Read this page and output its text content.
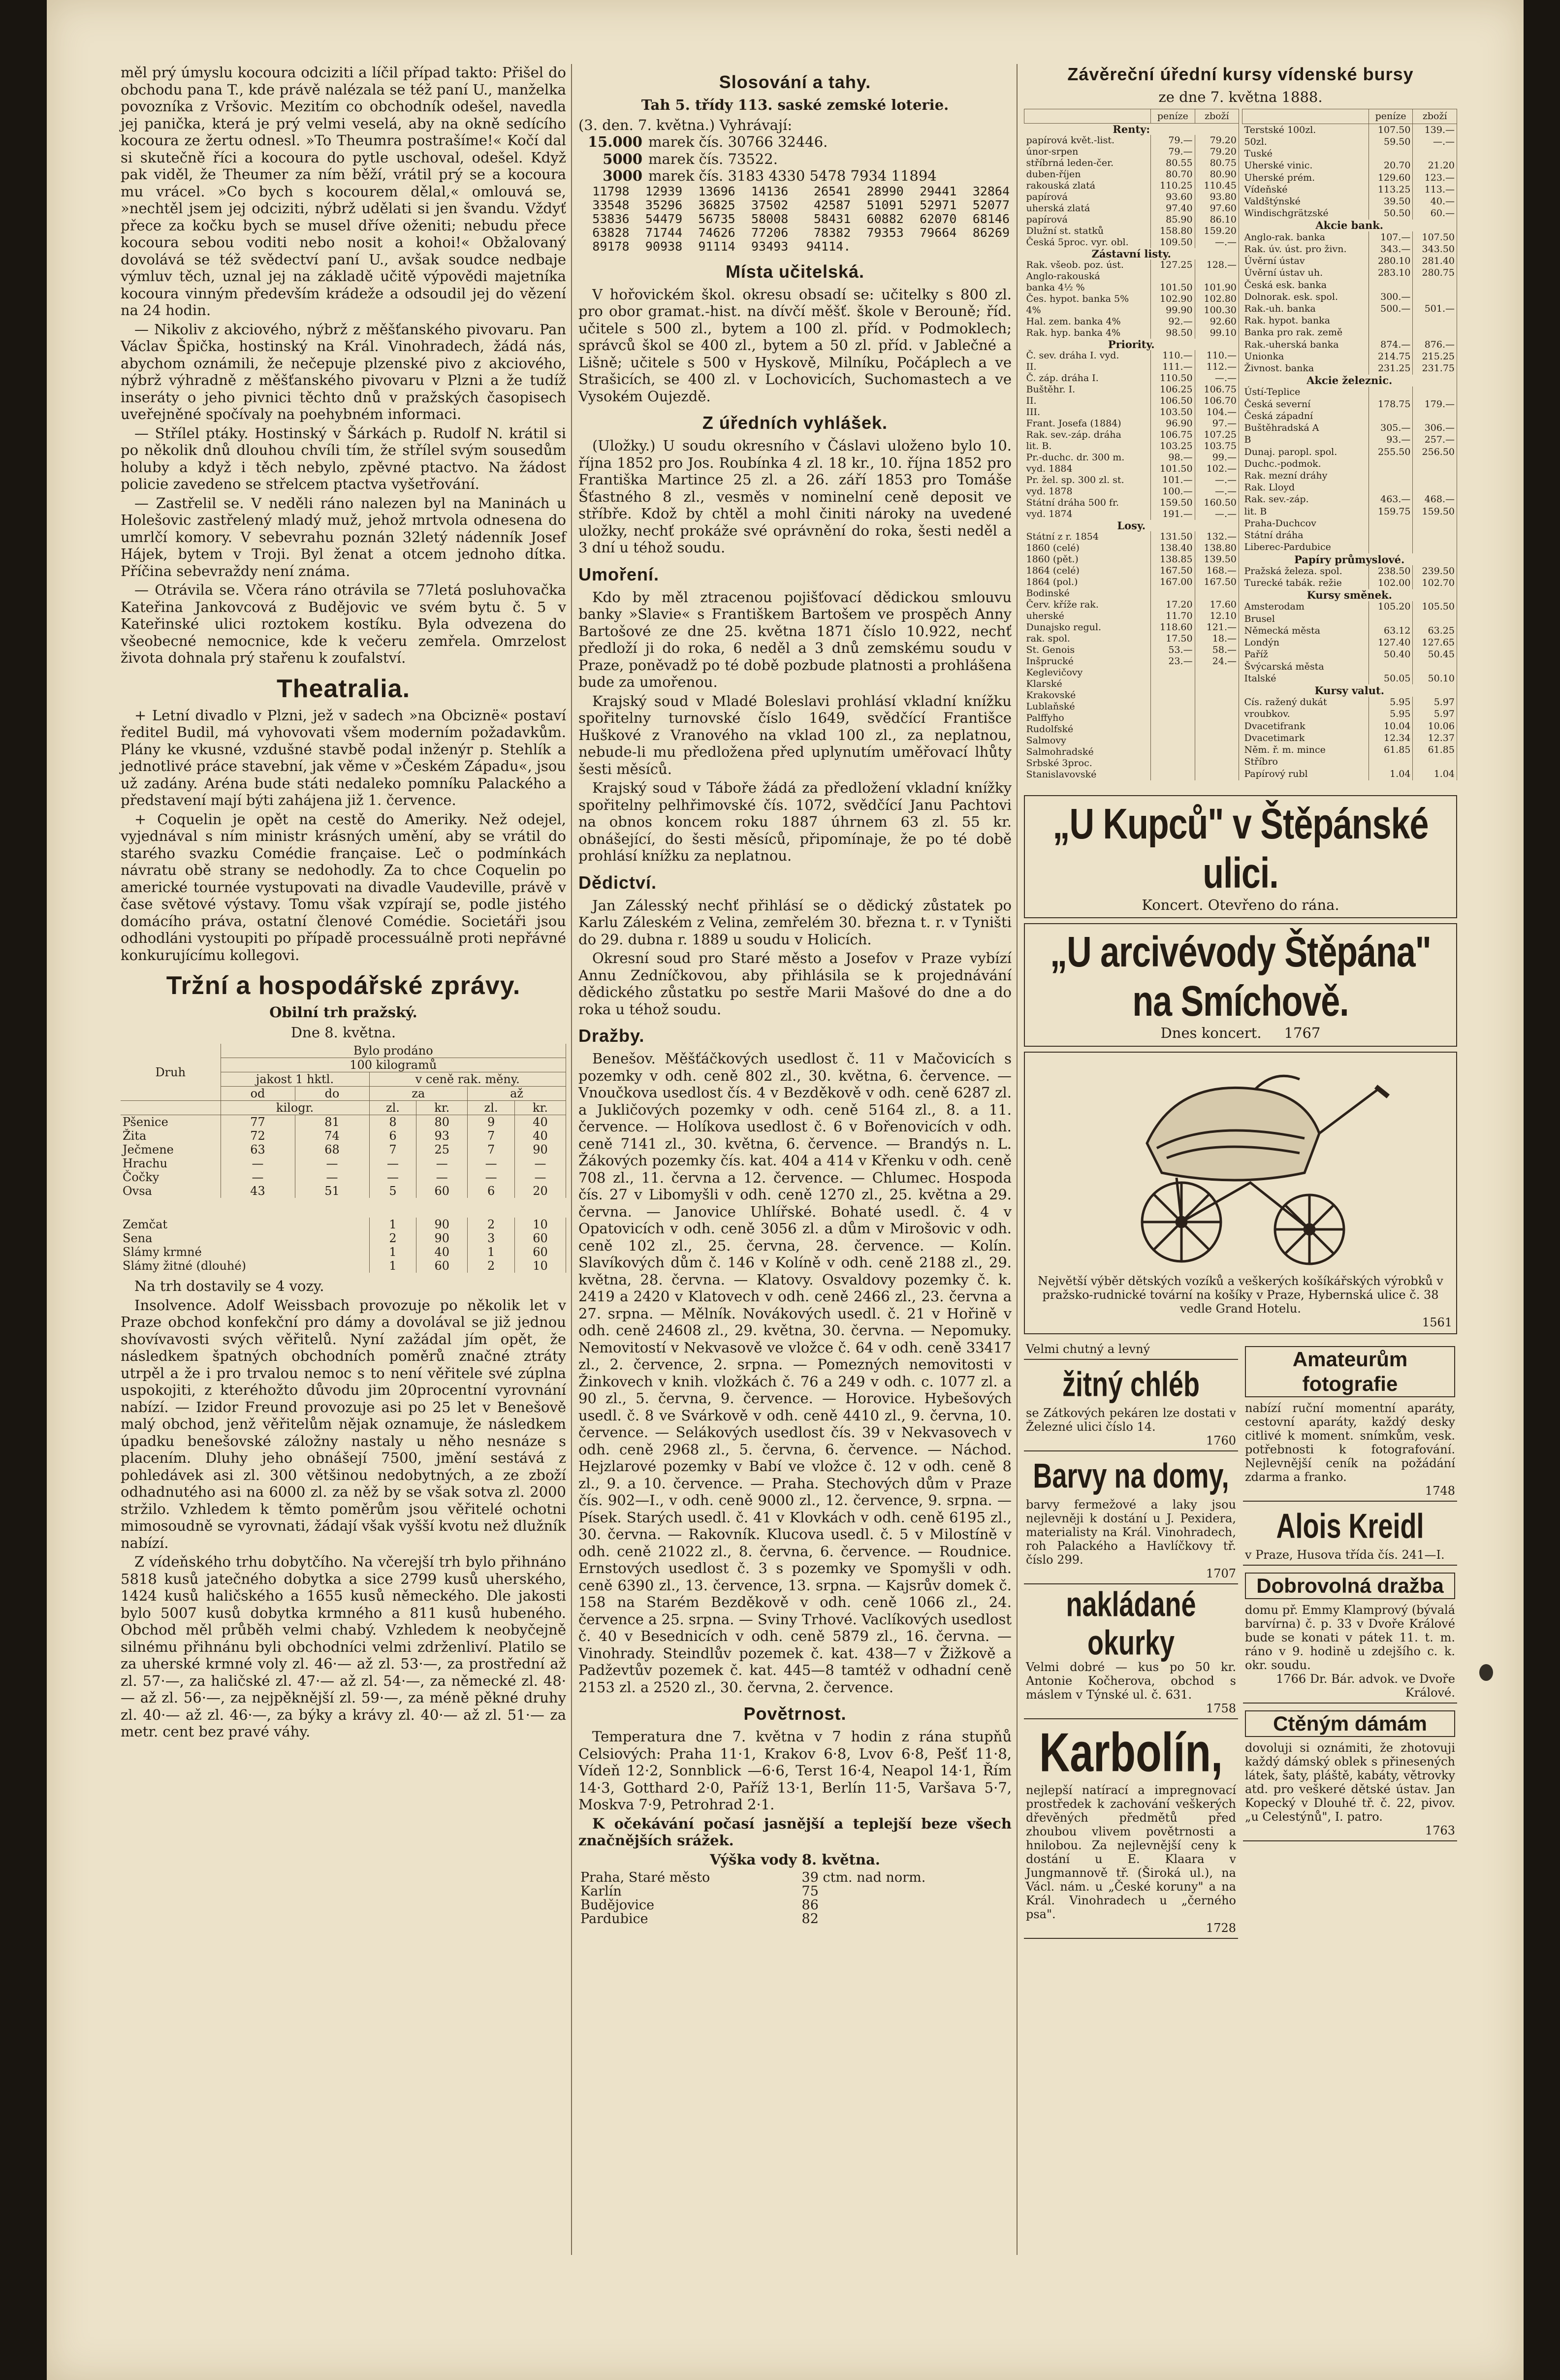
měl prý úmyslu kocoura odciziti a líčil případ takto: Přišel do obchodu pana T., kde právě nalézala se též paní U., manželka povozníka z Vršovic. Mezitím co obchodník odešel, navedla jej panička, která je prý velmi veselá, aby na okně sedícího kocoura ze žertu odnesl. »To Theumra postrašíme!« Kočí dal si skutečně říci a kocoura do pytle uschoval, odešel. Když pak viděl, že Theumer za ním běží, vrátil prý se a kocoura mu vrácel. »Co bych s kocourem dělal,« omlouvá se, »nechtěl jsem jej odciziti, nýbrž udělati si jen švandu. Vždyť přece za kočku bych se musel dříve oženiti; nebudu přece kocoura sebou voditi nebo nosit a kohoi!« Obžalovaný dovolává se též svědectví paní U., avšak soudce nedbaje výmluv těch, uznal jej na základě učitě výpovědi majetníka kocoura vinným především krádeže a odsoudil jej do vězení na 24 hodin.

— Nikoliv z akciového, nýbrž z měšťanského pivovaru. Pan Václav Špička, hostinský na Král. Vinohradech, žádá nás, abychom oznámili, že nečepuje plzenské pivo z akciového, nýbrž výhradně z měšťanského pivovaru v Plzni a že tudíž inseráty o jeho pivnici těchto dnů v pražských časopisech uveřejněné spočívaly na poehybném informaci.

— Střílel ptáky. Hostinský v Šárkách p. Rudolf N. krátil si po několik dnů dlouhou chvíli tím, že střílel svým sousedům holuby a když i těch nebylo, zpěvné ptactvo. Na žádost policie zavedeno se střelcem ptactva vyšetřování.

— Zastřelil se. V neděli ráno nalezen byl na Maninách u Holešovic zastřelený mladý muž, jehož mrtvola odnesena do umrlčí komory. V sebevrahu poznán 32letý nádenník Josef Hájek, bytem v Troji. Byl ženat a otcem jednoho dítka. Příčina sebevraždy není známa.

— Otrávila se. Včera ráno otrávila se 77letá posluhovačka Kateřina Jankovcová z Budějovic ve svém bytu č. 5 v Kateřinské ulici roztokem kostíku. Byla odvezena do všeobecné nemocnice, kde k večeru zemřela. Omrzelost života dohnala prý stařenu k zoufalství.

Theatralia.

+ Letní divadlo v Plzni, jež v sadech »na Obciznë« postaví ředitel Budil, má vyhovovati všem moderním požadavkům. Plány ke vkusné, vzdušné stavbě podal inženýr p. Stehlík a jednotlivé práce stavební, jak věme v »Českém Západu«, jsou už zadány. Aréna bude státi nedaleko pomníku Palackého a představení mají býti zahájena již 1. července.

+ Coquelin je opět na cestě do Ameriky. Než odejel, vyjednával s ním ministr krásných umění, aby se vrátil do starého svazku Comédie française. Leč o podmínkách návratu obě strany se nedohodly. Za to chce Coquelin po americké tournée vystupovati na divadle Vaudeville, právě v čase světové výstavy. Tomu však vzpírají se, podle jistého domácího práva, ostatní členové Comédie. Societáři jsou odhodláni vystoupiti po případě processuálně proti nepřávné konkurujícímu kollegovi.

Tržní a hospodářské zprávy.
Obilní trh pražský.
Dne 8. května.
Druh	Bylo prodáno					
	100 kilogramů					
	jakost 1 hktl.		v ceně rak. měny.			
	od	do	za		až	
	kilogr.		zl.	kr.	zl.	kr.
Pšenice	77	81	8	80	9	40
Žita	72	74	6	93	7	40
Ječmene	63	68	7	25	7	90
Hrachu	—	—	—	—	—	—
Čočky	—	—	—	—	—	—
Ovsa	43	51	5	60	6	20

Zemčat			1	90	2	10
Sena			2	90	3	60
Slámy krmné			1	40	1	60
Slámy žitné (dlouhé)			1	60	2	10

Na trh dostavily se 4 vozy.

Insolvence. Adolf Weissbach provozuje po několik let v Praze obchod konfekční pro dámy a dovolával se již jednou shovívavosti svých věřitelů. Nyní zažádal jím opět, že následkem špatných obchodních poměrů značné ztráty utrpěl a že i pro trvalou nemoc s to není věřitele své zúplna uspokojiti, z kteréhožto důvodu jim 20procentní vyrovnání nabízí. — Izidor Freund provozuje asi po 25 let v Benešově malý obchod, jenž věřitelům nějak oznamuje, že následkem úpadku benešovské záložny nastaly u něho nesnáze s placením. Dluhy jeho obnášejí 7500, jmění sestává z pohledávek asi zl. 300 většinou nedobytných, a ze zboží odhadnutého asi na 6000 zl. za něž by se však sotva zl. 2000 stržilo. Vzhledem k těmto poměrům jsou věřitelé ochotni mimosoudně se vyrovnati, žádají však vyšší kvotu než dlužník nabízí.

Z vídeňského trhu dobytčího. Na včerejší trh bylo přihnáno 5818 kusů jatečného dobytka a sice 2799 kusů uherského, 1424 kusů haličského a 1655 kusů německého. Dle jakosti bylo 5007 kusů dobytka krmného a 811 kusů hubeného. Obchod měl průběh velmi chabý. Vzhledem k neobyčejně silnému přihnánu byli obchodníci velmi zdrženliví. Platilo se za uherské krmné voly zl. 46·— až zl. 53·—, za prostřední až zl. 57·—, za haličské zl. 47·— až zl. 54·—, za německé zl. 48·— až zl. 56·—, za nejpěknější zl. 59·—, za méně pěkné druhy zl. 40·— až zl. 46·—, za býky a krávy zl. 40·— až zl. 51·— za metr. cent bez pravé váhy.

Slosování a tahy.
Tah 5. třídy 113. saské zemské loterie.
(3. den. 7. května.) Vyhrávají:
15.000 marek čís. 30766 32446.
5000 marek čís. 73522.
3000 marek čís. 3183 4330 5478 7934 11894
11798	12939	13696	14136	26541	28990	29441	32864
33548	35296	36825	37502	42587	51091	52971	52077
53836	54479	56735	58008	58431	60882	62070	68146
63828	71744	74626	77206	78382	79353	79664	86269
89178	90938	91114	93493	94114.			
Místa učitelská.

V hořovickém škol. okresu obsadí se: učitelky s 800 zl. pro obor gramat.-hist. na dívčí měšť. škole v Berouně; říd. učitele s 500 zl., bytem a 100 zl. příd. v Podmoklech; správců škol se 400 zl., bytem a 50 zl. příd. v Jablečné a Lišně; učitele s 500 v Hyskově, Milníku, Počáplech a ve Strašicích, se 400 zl. v Lochovicích, Suchomastech a ve Vysokém Oujezdě.

Z úředních vyhlášek.

(Uložky.) U soudu okresního v Čáslavi uloženo bylo 10. října 1852 pro Jos. Roubínka 4 zl. 18 kr., 10. října 1852 pro Františka Martince 25 zl. a 26. září 1853 pro Tomáše Šťastného 8 zl., vesměs v nominelní ceně deposit ve stříbře. Kdož by chtěl a mohl činiti nároky na uvedené uložky, nechť prokáže své oprávnění do roka, šesti neděl a 3 dní u téhož soudu.

Umoření.

Kdo by měl ztracenou pojišťovací dědickou smlouvu banky »Slavie« s Františkem Bartošem ve prospěch Anny Bartošové ze dne 25. května 1871 číslo 10.922, nechť předloží ji do roka, 6 neděl a 3 dnů zemskému soudu v Praze, poněvadž po té době pozbude platnosti a prohlášena bude za umořenou.

Krajský soud v Mladé Boleslavi prohlásí vkladní knížku spořitelny turnovské číslo 1649, svědčící Františce Huškové z Vranového na vklad 100 zl., za neplatnou, nebude-li mu předložena před uplynutím uměřovací lhůty šesti měsíců.

Krajský soud v Táboře žádá za předložení vkladní knížky spořitelny pelhřimovské čís. 1072, svědčící Janu Pachtovi na obnos koncem roku 1887 úhrnem 63 zl. 55 kr. obnášející, do šesti měsíců, připomínaje, že po té době prohlásí knížku za neplatnou.

Dědictví.

Jan Zálesský nechť přihlásí se o dědický zůstatek po Karlu Záleském z Velina, zemřelém 30. března t. r. v Tyništi do 29. dubna r. 1889 u soudu v Holicích.

Okresní soud pro Staré město a Josefov v Praze vybízí Annu Zedníčkovou, aby přihlásila se k projednávání dědického zůstatku po sestře Marii Mašové do dne a do roka u téhož soudu.

Dražby.

Benešov. Měšťáčkových usedlost č. 11 v Mačovicích s pozemky v odh. ceně 802 zl., 30. května, 6. července. — Vnoučkova usedlost čís. 4 v Bezděkově v odh. ceně 6287 zl. a Jukličových pozemky v odh. ceně 5164 zl., 8. a 11. července. — Holíkova usedlost č. 6 v Bořenovicích v odh. ceně 7141 zl., 30. května, 6. července. — Brandýs n. L. Žákových pozemky čís. kat. 404 a 414 v Křenku v odh. ceně 708 zl., 11. června a 12. července. — Chlumec. Hospoda čís. 27 v Libomyšli v odh. ceně 1270 zl., 25. května a 29. června. — Janovice Uhlířské. Bohaté usedl. č. 4 v Opatovicích v odh. ceně 3056 zl. a dům v Mirošovic v odh. ceně 102 zl., 25. června, 28. července. — Kolín. Slavíkových dům č. 146 v Kolíně v odh. ceně 2188 zl., 29. května, 28. června. — Klatovy. Osvaldovy pozemky č. k. 2419 a 2420 v Klatovech v odh. ceně 2466 zl., 23. června a 27. srpna. — Mělník. Novákových usedl. č. 21 v Hořině v odh. ceně 24608 zl., 29. května, 30. června. — Nepomuky. Nemovitostí v Nekvasově ve vložce č. 64 v odh. ceně 33417 zl., 2. července, 2. srpna. — Pomezných nemovitosti v Žinkovech v knih. vložkách č. 76 a 249 v odh. c. 1077 zl. a 90 zl., 5. června, 9. července. — Horovice. Hybešových usedl. č. 8 ve Svárkově v odh. ceně 4410 zl., 9. června, 10. července. — Selákových usedlost čís. 39 v Nekvasovech v odh. ceně 2968 zl., 5. června, 6. července. — Náchod. Hejzlarové pozemky v Babí ve vložce č. 12 v odh. ceně 8 zl., 9. a 10. července. — Praha. Stechových dům v Praze čís. 902—I., v odh. ceně 9000 zl., 12. července, 9. srpna. — Písek. Starých usedl. č. 41 v Klovkách v odh. ceně 6195 zl., 30. června. — Rakovník. Klucova usedl. č. 5 v Milostíně v odh. ceně 21022 zl., 8. června, 6. července. — Roudnice. Ernstových usedlost č. 3 s pozemky ve Spomyšli v odh. ceně 6390 zl., 13. července, 13. srpna. — Kajsrův domek č. 158 na Starém Bezděkově v odh. ceně 1066 zl., 24. července a 25. srpna. — Sviny Trhové. Vaclíkových usedlost č. 40 v Besednicích v odh. ceně 5879 zl., 16. června. — Vinohrady. Steindlův pozemek č. kat. 438—7 v Žižkově a Padževtův pozemek č. kat. 445—8 tamtéž v odhadní ceně 2153 zl. a 2520 zl., 30. června, 2. července.

Povětrnost.

Temperatura dne 7. května v 7 hodin z rána stupňů Celsiových: Praha 11·1, Krakov 6·8, Lvov 6·8, Pešť 11·8, Vídeň 12·2, Sonnblick —6·6, Terst 16·4, Neapol 14·1, Řím 14·3, Gotthard 2·0, Paříž 13·1, Berlín 11·5, Varšava 5·7, Moskva 7·9, Petrohrad 2·1.

K očekávání počasí jasnější a teplejší beze všech značnějších srážek.

Výška vody 8. května.
Praha, Staré město	39 ctm. nad norm.
Karlín	75
Budějovice	86
Pardubice	82
Závěreční úřední kursy vídenské bursy
ze dne 7. května 1888.
	peníze	zboží
Renty:		
papírová květ.-list.	79.—	79.20
únor-srpen	79.—	79.20
stříbrná leden-čer.	80.55	80.75
duben-říjen	80.70	80.90
rakouská zlatá	110.25	110.45
papírová	93.60	93.80
uherská zlatá	97.40	97.60
papírová	85.90	86.10
Dlužní st. statků	158.80	159.20
Česká 5proc. vyr. obl.	109.50	—.—
Zástavní listy.		
Rak. všeob. poz. úst.	127.25	128.—
Anglo-rakouská		
banka 4½ %	101.50	101.90
Čes. hypot. banka 5%	102.90	102.80
4%	99.90	100.30
Hal. zem. banka 4%	92.—	92.60
Rak. hyp. banka 4%	98.50	99.10
Priority.		
Č. sev. dráha I. vyd.	110.—	110.—
II.	111.—	112.—
Č. záp. dráha I.	110.50	—.—
Buštěhr. I.	106.25	106.75
II.	106.50	106.70
III.	103.50	104.—
Frant. Josefa (1884)	96.90	97.—
Rak. sev.-záp. dráha	106.75	107.25
lit. B.	103.25	103.75
Pr.-duchc. dr. 300 m.	98.—	99.—
vyd. 1884	101.50	102.—
Pr. žel. sp. 300 zl. st.	101.—	—.—
vyd. 1878	100.—	—.—
Státní dráha 500 fr.	159.50	160.50
vyd. 1874	191.—	—.—
Losy.		
Státní z r. 1854	131.50	132.—
1860 (celé)	138.40	138.80
1860 (pět.)	138.85	139.50
1864 (celé)	167.50	168.—
1864 (pol.)	167.00	167.50
Bodinské		
Červ. kříže rak.	17.20	17.60
uherské	11.70	12.10
Dunajsko regul.	118.60	121.—
rak. spol.	17.50	18.—
St. Genois	53.—	58.—
Inšprucké	23.—	24.—
Keglevičovy		
Klarské		
Krakovské		
Lublaňské		
Palffyho		
Rudolfské		
Salmovy		
Salmohradské		
Srbské 3proc.		
Stanislavovské		
	peníze	zboží
Terstské 100zl.	107.50	139.—
50zl.	59.50	—.—
Tuské		
Uherské vinic.	20.70	21.20
Uherské prém.	129.60	123.—
Vídeňské	113.25	113.—
Valdštýnské	39.50	40.—
Windischgrätzské	50.50	60.—
Akcie bank.		
Anglo-rak. banka	107.—	107.50
Rak. úv. úst. pro živn.	343.—	343.50
Úvěrní ústav	280.10	281.40
Úvěrní ústav uh.	283.10	280.75
Česká esk. banka		
Dolnorak. esk. spol.	300.—	
Rak.-uh. banka	500.—	501.—
Rak. hypot. banka		
Banka pro rak. země		
Rak.-uherská banka	874.—	876.—
Unionka	214.75	215.25
Živnost. banka	231.25	231.75
Akcie železnic.		
Ústí-Teplice		
Česká severní	178.75	179.—
Česká západní		
Buštěhradská A	305.—	306.—
B	93.—	257.—
Dunaj. paropl. spol.	255.50	256.50
Duchc.-podmok.		
Rak. mezní dráhy		
Rak. Lloyd		
Rak. sev.-záp.	463.—	468.—
lit. B	159.75	159.50
Praha-Duchcov		
Státní dráha		
Liberec-Pardubice		
Papíry průmyslové.		
Pražská železa. spol.	238.50	239.50
Turecké tabák. režie	102.00	102.70
Kursy směnek.		
Amsterodam	105.20	105.50
Brusel		
Německá města	63.12	63.25
Londýn	127.40	127.65
Paříž	50.40	50.45
Švýcarská města		
Italské	50.05	50.10
Kursy valut.		
Cís. ražený dukát	5.95	5.97
vroubkov.	5.95	5.97
Dvacetifrank	10.04	10.06
Dvacetimark	12.34	12.37
Něm. ř. m. mince	61.85	61.85
Stříbro		
Papírový rubl	1.04	1.04
„U Kupců" v Štěpánské ulici.
Koncert. Otevřeno do rána.
„U arcivévody Štěpána" na Smíchově.
Dnes koncert. 1767
Největší výběr dětských vozíků a veškerých košíkářských výrobků v pražsko-rudnické tovární na košíky v Praze, Hybernská ulice č. 38 vedle Grand Hotelu.
1561
Velmi chutný a levný
žitný chléb
se Zátkových pekáren lze dostati v Železné ulici číslo 14.
1760
Barvy na domy,
barvy fermežové a laky jsou nejlevněji k dostání u J. Pexidera, materialisty na Král. Vinohradech, roh Palackého a Havlíčkovy tř. číslo 299.
1707
nakládané okurky
Velmi dobré — kus po 50 kr. Antonie Kočherova, obchod s máslem v Týnské ul. č. 631.
1758
Karbolín,
nejlepší natírací a impregnovací prostředek k zachování veškerých dřevěných předmětů před zhoubou vlivem povětrnosti a hnilobou. Za nejlevnější ceny k dostání u E. Klaara v Jungmannově tř. (Široká ul.), na Václ. nám. u „České koruny" a na Král. Vinohradech u „černého psa".
1728
Amateurům fotografie
nabízí ruční momentní aparáty, cestovní aparáty, každý desky citlivé k moment. snímkům, vesk. potřebnosti k fotografování. Nejlevnější ceník na požádání zdarma a franko.
1748
Alois Kreidl
v Praze, Husova třída čís. 241—I.
Dobrovolná dražba
domu př. Emmy Klamprový (bývalá barvírna) č. p. 33 v Dvoře Králové bude se konati v pátek 11. t. m. ráno v 9. hodině u zdejšího c. k. okr. soudu.
1766 Dr. Bár. advok. ve Dvoře Králové.
Ctěným dámám
dovoluji si oznámiti, že zhotovuji každý dámský oblek s přinesených látek, šaty, pláště, kabáty, větrovky atd. pro veškeré dětské ústav. Jan Kopecký v Dlouhé tř. č. 22, pivov. „u Celestýnů", I. patro.
1763
